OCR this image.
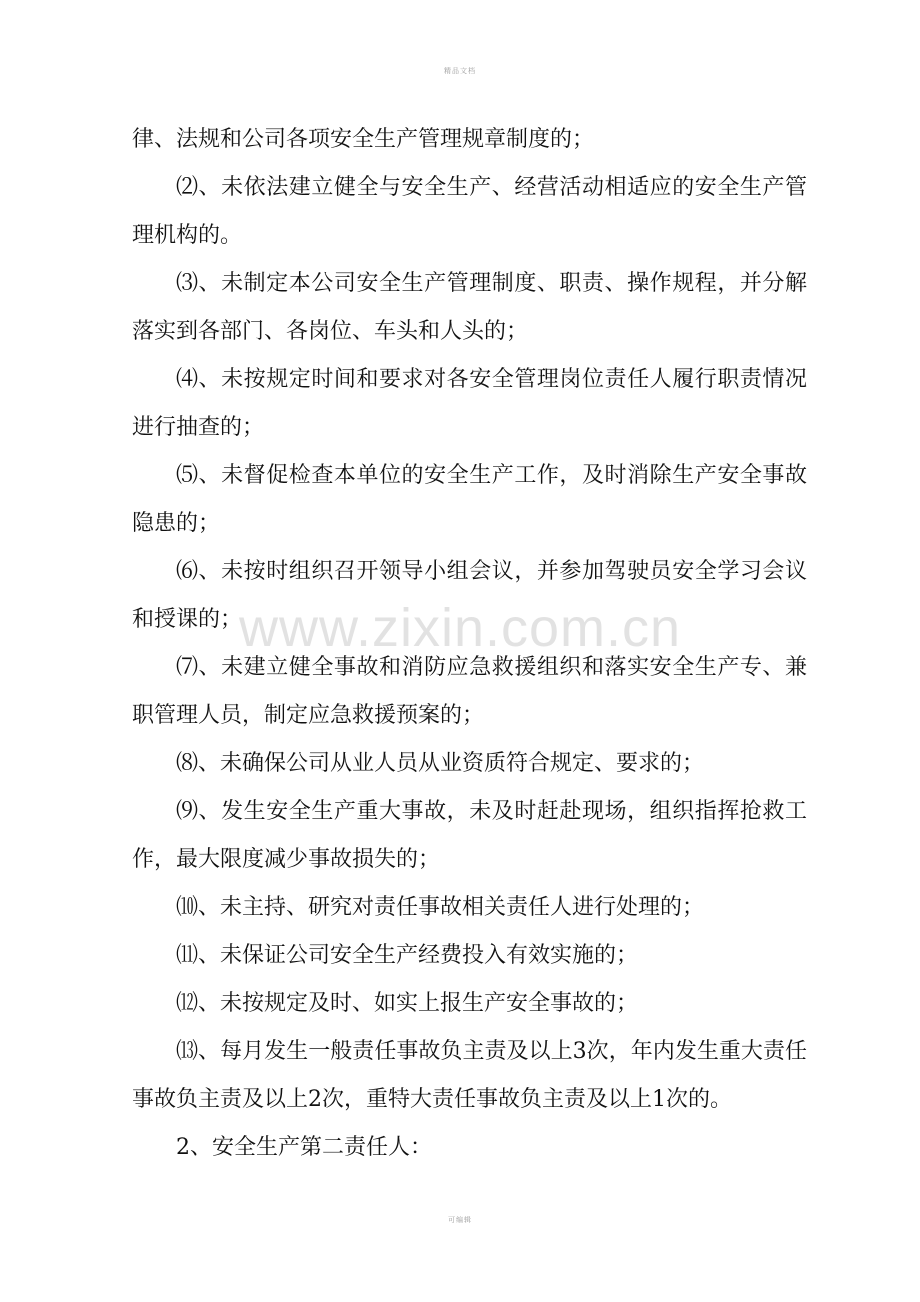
精品文档

律、法规和公司各项安全生产管理规章制度的；

⑵、未依法建立健全与安全生产、经营活动相适应的安全生产管理机构的。

⑶、未制定本公司安全生产管理制度、职责、操作规程，并分解落实到各部门、各岗位、车头和人头的；

⑷、未按规定时间和要求对各安全管理岗位责任人履行职责情况进行抽查的；

⑸、未督促检查本单位的安全生产工作，及时消除生产安全事故隐患的；

⑹、未按时组织召开领导小组会议，并参加驾驶员安全学习会议和授课的；

⑺、未建立健全事故和消防应急救援组织和落实安全生产专、兼职管理人员，制定应急救援预案的；

⑻、未确保公司从业人员从业资质符合规定、要求的；

⑼、发生安全生产重大事故，未及时赶赴现场，组织指挥抢救工作，最大限度减少事故损失的；

⑽、未主持、研究对责任事故相关责任人进行处理的；

⑾、未保证公司安全生产经费投入有效实施的；

⑿、未按规定及时、如实上报生产安全事故的；

⒀、每月发生一般责任事故负主责及以上3次，年内发生重大责任事故负主责及以上2次，重特大责任事故负主责及以上1次的。

2、安全生产第二责任人：

www.zixin.com.cn
可编辑
